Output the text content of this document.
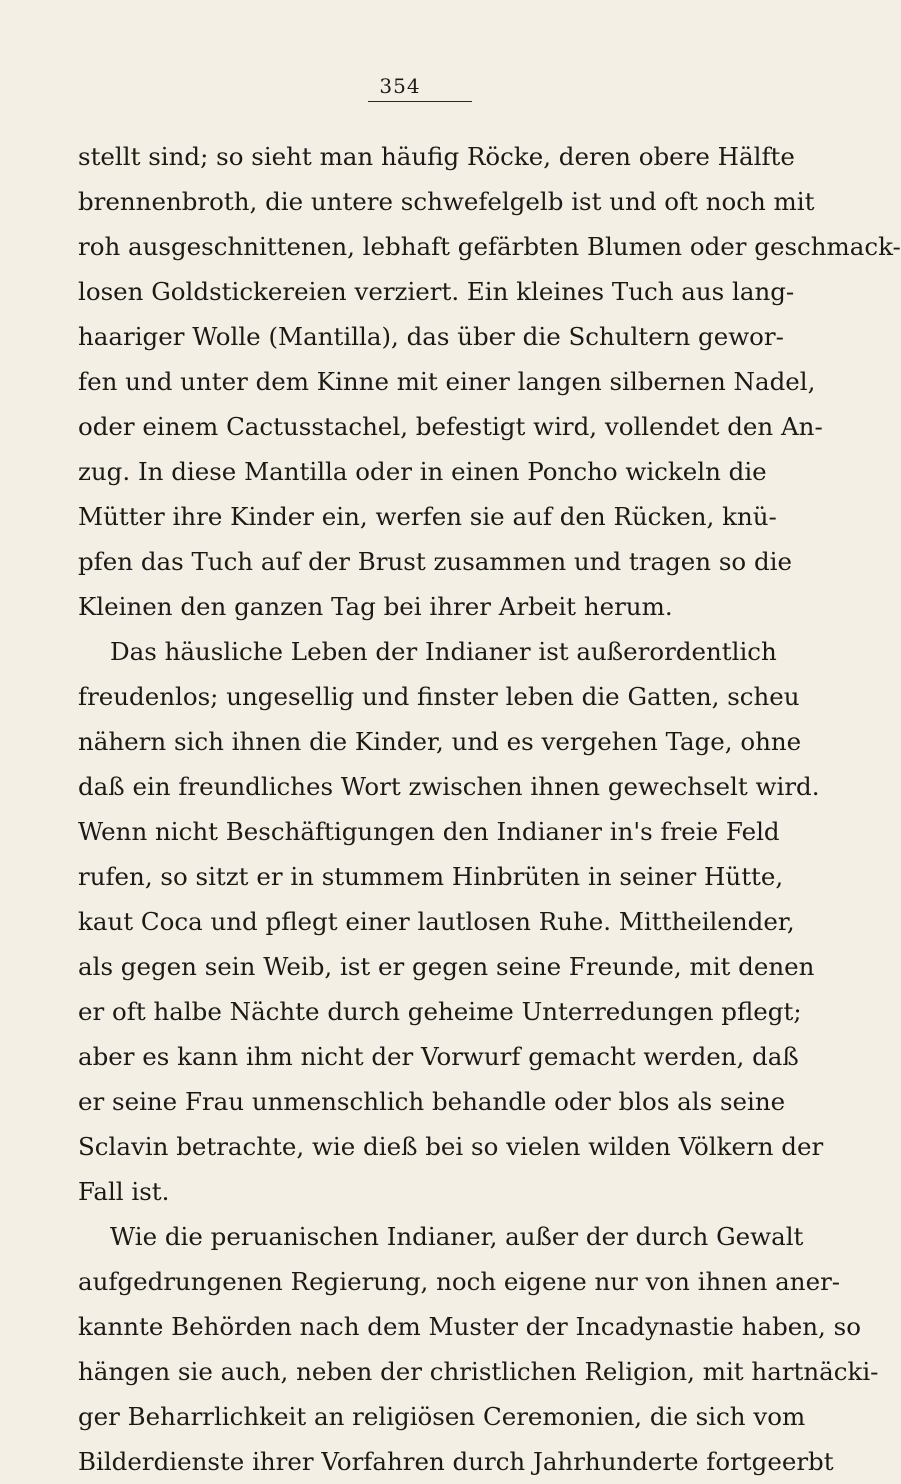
354
stellt sind; so sieht man häufig Röcke, deren obere Hälfte
brennenbroth, die untere schwefelgelb ist und oft noch mit
roh ausgeschnittenen, lebhaft gefärbten Blumen oder geschmack-
losen Goldstickereien verziert. Ein kleines Tuch aus lang-
haariger Wolle (Mantilla), das über die Schultern gewor-
fen und unter dem Kinne mit einer langen silbernen Nadel,
oder einem Cactusstachel, befestigt wird, vollendet den An-
zug. In diese Mantilla oder in einen Poncho wickeln die
Mütter ihre Kinder ein, werfen sie auf den Rücken, knü-
pfen das Tuch auf der Brust zusammen und tragen so die
Kleinen den ganzen Tag bei ihrer Arbeit herum.
Das häusliche Leben der Indianer ist außerordentlich
freudenlos; ungesellig und finster leben die Gatten, scheu
nähern sich ihnen die Kinder, und es vergehen Tage, ohne
daß ein freundliches Wort zwischen ihnen gewechselt wird.
Wenn nicht Beschäftigungen den Indianer in's freie Feld
rufen, so sitzt er in stummem Hinbrüten in seiner Hütte,
kaut Coca und pflegt einer lautlosen Ruhe. Mittheilender,
als gegen sein Weib, ist er gegen seine Freunde, mit denen
er oft halbe Nächte durch geheime Unterredungen pflegt;
aber es kann ihm nicht der Vorwurf gemacht werden, daß
er seine Frau unmenschlich behandle oder blos als seine
Sclavin betrachte, wie dieß bei so vielen wilden Völkern der
Fall ist.
Wie die peruanischen Indianer, außer der durch Gewalt
aufgedrungenen Regierung, noch eigene nur von ihnen aner-
kannte Behörden nach dem Muster der Incadynastie haben, so
hängen sie auch, neben der christlichen Religion, mit hartnäcki-
ger Beharrlichkeit an religiösen Ceremonien, die sich vom
Bilderdienste ihrer Vorfahren durch Jahrhunderte fortgeerbt
